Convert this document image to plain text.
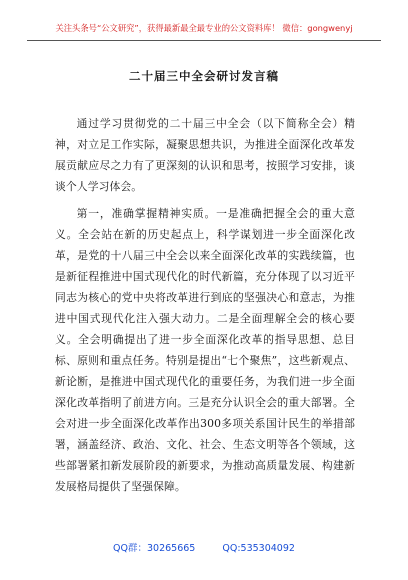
关注头条号“公文研究”，获得最新最全最专业的公文资料库！ 微信：gongwenyj
二十届三中全会研讨发言稿

通过学习贯彻党的二十届三中全会（以下简称全会）精神，对立足工作实际，凝聚思想共识，为推进全面深化改革发展贡献应尽之力有了更深刻的认识和思考，按照学习安排，谈谈个人学习体会。

第一，准确掌握精神实质。一是准确把握全会的重大意义。全会站在新的历史起点上，科学谋划进一步全面深化改革，是党的十八届三中全会以来全面深化改革的实践续篇，也是新征程推进中国式现代化的时代新篇，充分体现了以习近平同志为核心的党中央将改革进行到底的坚强决心和意志，为推进中国式现代化注入强大动力。二是全面理解全会的核心要义。全会明确提出了进一步全面深化改革的指导思想、总目标、原则和重点任务。特别是提出“七个聚焦”，这些新观点、新论断，是推进中国式现代化的重要任务，为我们进一步全面深化改革指明了前进方向。三是充分认识全会的重大部署。全会对进一步全面深化改革作出300多项关系国计民生的举措部署，涵盖经济、政治、文化、社会、生态文明等各个领域，这些部署紧扣新发展阶段的新要求，为推动高质量发展、构建新发展格局提供了坚强保障。

QQ群：30265665	QQ:535304092
